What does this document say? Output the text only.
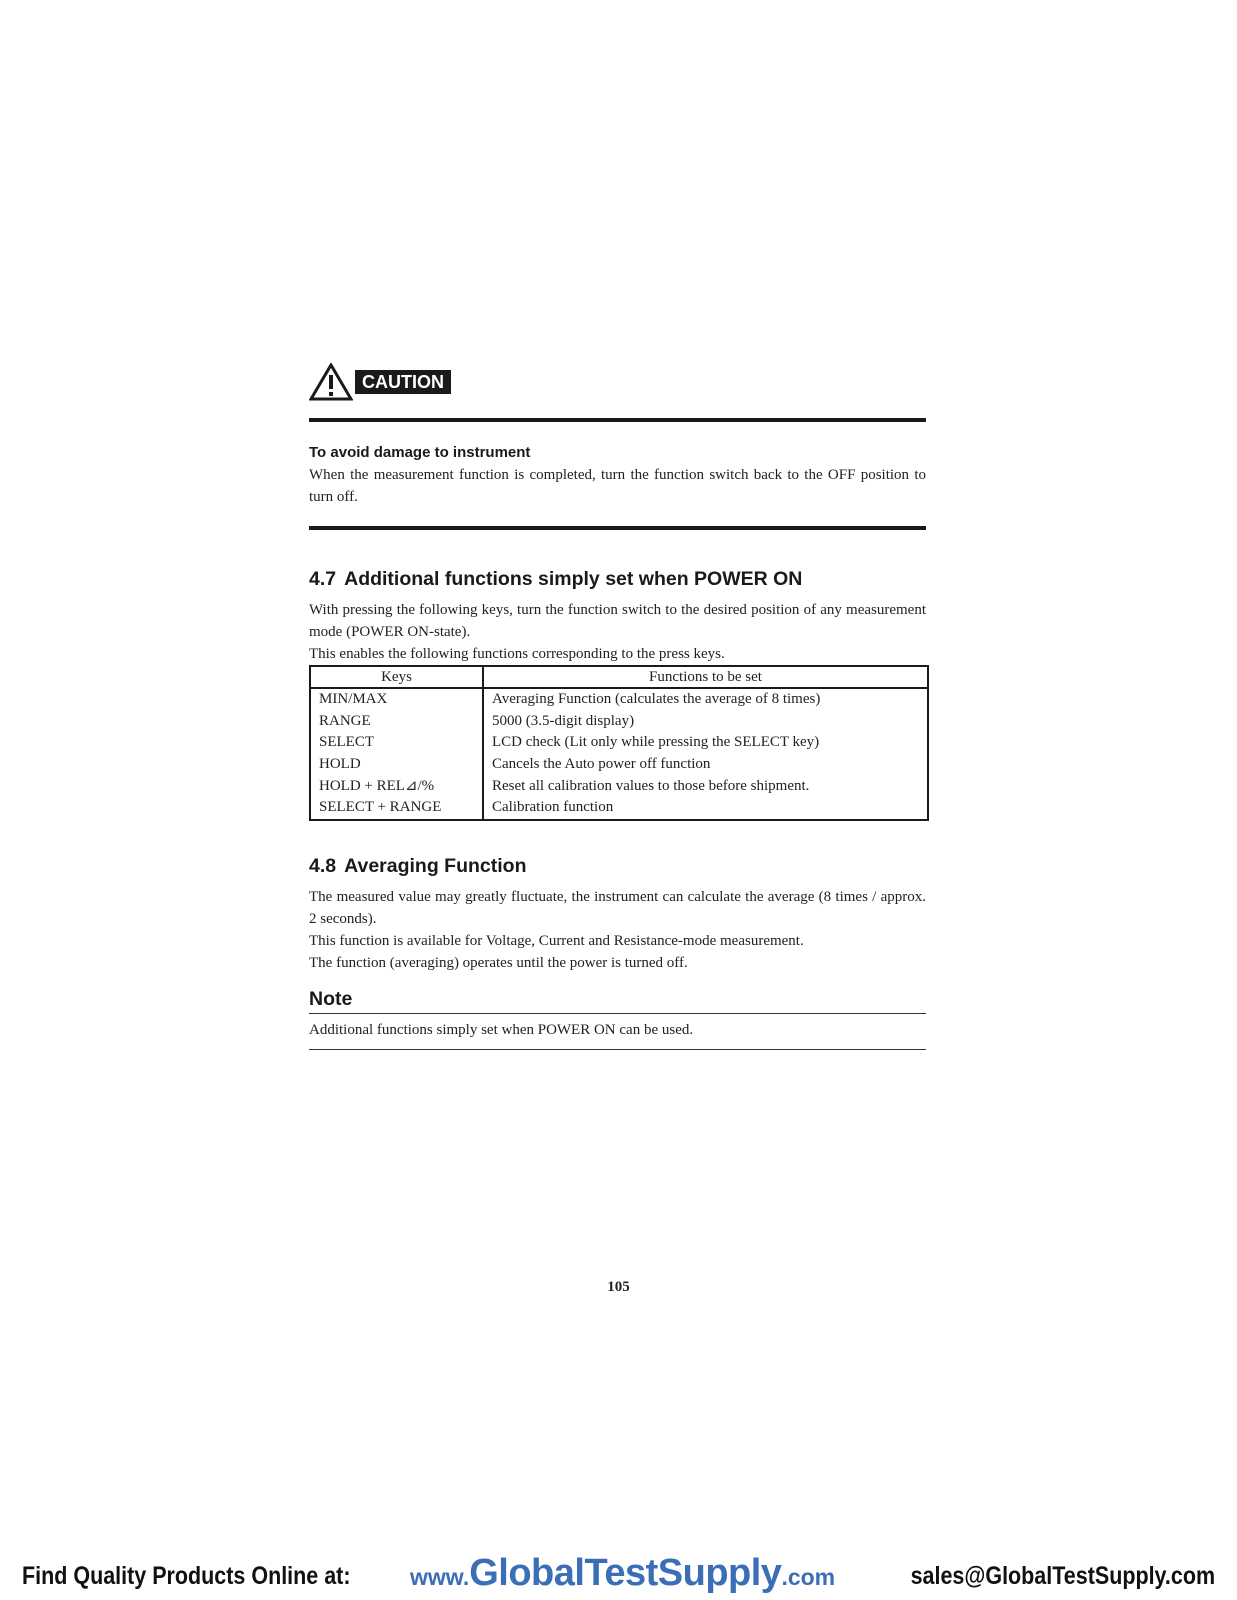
CAUTION
To avoid damage to instrument

When the measurement function is completed, turn the function switch back to the OFF position to turn off.

4.7 Additional functions simply set when POWER ON

With pressing the following keys, turn the function switch to the desired position of any measurement mode (POWER ON-state).

This enables the following functions corresponding to the press keys.

Keys	Functions to be set
MIN/MAX	Averaging Function (calculates the average of 8 times)
RANGE	5000 (3.5-digit display)
SELECT	LCD check (Lit only while pressing the SELECT key)
HOLD	Cancels the Auto power off function
HOLD + REL⊿/%	Reset all calibration values to those before shipment.
SELECT + RANGE	Calibration function
4.8 Averaging Function

The measured value may greatly fluctuate, the instrument can calculate the average (8 times / approx. 2 seconds).

This function is available for Voltage, Current and Resistance-mode measurement.

The function (averaging) operates until the power is turned off.

Note

Additional functions simply set when POWER ON can be used.

105
Find Quality Products Online at:	www.GlobalTestSupply.com	sales@GlobalTestSupply.com
